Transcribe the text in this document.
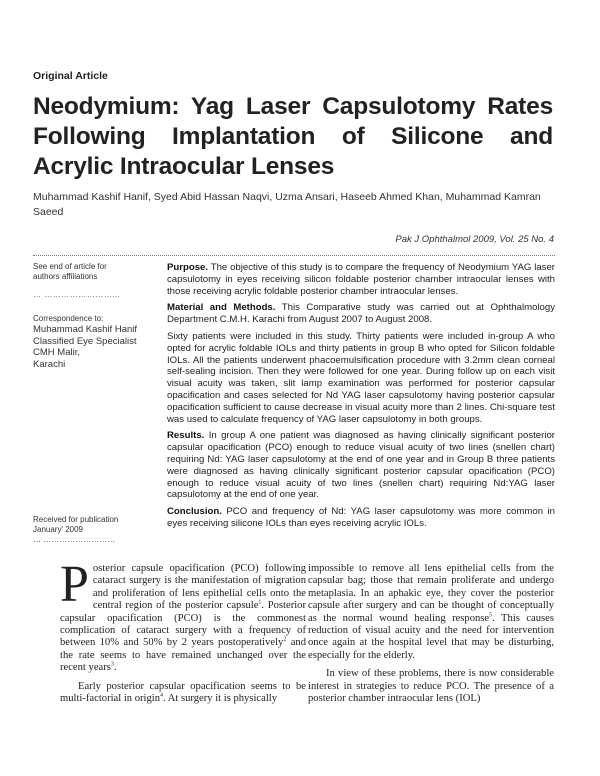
Original Article
Neodymium: Yag Laser Capsulotomy Rates Following Implantation of Silicone and Acrylic Intraocular Lenses
Muhammad Kashif Hanif, Syed Abid Hassan Naqvi, Uzma Ansari, Haseeb Ahmed Khan, Muhammad Kamran Saeed
Pak J Ophthalmol 2009, Vol. 25 No. 4
See end of article for authors affiliations
… ………………………
Correspondence to:
Muhammad Kashif Hanif
Classified Eye Specialist
CMH Malir,
Karachi
Received for publication
January' 2009
… ………………………

Purpose. The objective of this study is to compare the frequency of Neodymium YAG laser capsulotomy in eyes receiving silicon foldable posterior chamber intraocular lenses with those receiving acrylic foldable posterior chamber intraocular lenses.

Material and Methods. This Comparative study was carried out at Ophthalmology Department C.M.H. Karachi from August 2007 to August 2008.

Sixty patients were included in this study. Thirty patients were included in-group A who opted for acrylic foldable IOLs and thirty patients in group B who opted for Silicon foldable IOLs. All the patients underwent phacoemulsification procedure with 3.2mm clean corneal self-sealing incision. Then they were followed for one year. During follow up on each visit visual acuity was taken, slit lamp examination was performed for posterior capsular opacification and cases selected for Nd YAG laser capsulotomy having posterior capsular opacification sufficient to cause decrease in visual acuity more than 2 lines. Chi-square test was used to calculate frequency of YAG laser capsulotomy in both groups.

Results. In group A one patient was diagnosed as having clinically significant posterior capsular opacification (PCO) enough to reduce visual acuity of two lines (snellen chart) requiring Nd: YAG laser capsulotomy at the end of one year and in Group B three patients were diagnosed as having clinically significant posterior capsular opacification (PCO) enough to reduce visual acuity of two lines (snellen chart) requiring Nd:YAG laser capsulotomy at the end of one year.

Conclusion. PCO and frequency of Nd: YAG laser capsulotomy was more common in eyes receiving silicone IOLs than eyes receiving acrylic IOLs.

Posterior capsule opacification (PCO) following cataract surgery is the manifestation of migration and proliferation of lens epithelial cells onto the central region of the posterior capsule$^1$. Posterior capsular opacification (PCO) is the commonest complication of cataract surgery with a frequency of between 10% and 50% by 2 years postoperatively$^2$ and the rate seems to have remained unchanged over the recent years$^3$.

Early posterior capsular opacification seems to be multi-factorial in origin$^4$. At surgery it is physically

impossible to remove all lens epithelial cells from the capsular bag; those that remain proliferate and undergo metaplasia. In an aphakic eye, they cover the posterior capsule after surgery and can be thought of conceptually as the normal wound healing response$^5$. This causes reduction of visual acuity and the need for intervention once again at the hospital level that may be disturbing, especially for the elderly.

In view of these problems, there is now considerable interest in strategies to reduce PCO. The presence of a posterior chamber intraocular lens (IOL)
